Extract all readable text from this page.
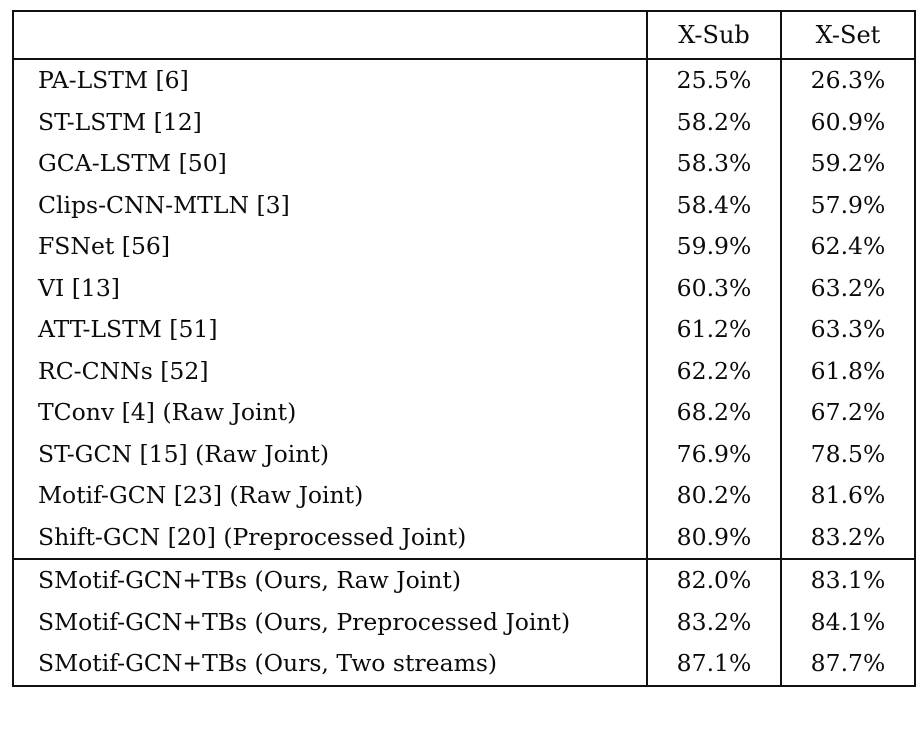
	X-Sub	X-Set
PA-LSTM [6]	25.5%	26.3%
ST-LSTM [12]	58.2%	60.9%
GCA-LSTM [50]	58.3%	59.2%
Clips-CNN-MTLN [3]	58.4%	57.9%
FSNet [56]	59.9%	62.4%
VI [13]	60.3%	63.2%
ATT-LSTM [51]	61.2%	63.3%
RC-CNNs [52]	62.2%	61.8%
TConv [4] (Raw Joint)	68.2%	67.2%
ST-GCN [15] (Raw Joint)	76.9%	78.5%
Motif-GCN [23] (Raw Joint)	80.2%	81.6%
Shift-GCN [20] (Preprocessed Joint)	80.9%	83.2%
SMotif-GCN+TBs (Ours, Raw Joint)	82.0%	83.1%
SMotif-GCN+TBs (Ours, Preprocessed Joint)	83.2%	84.1%
SMotif-GCN+TBs (Ours, Two streams)	87.1%	87.7%
